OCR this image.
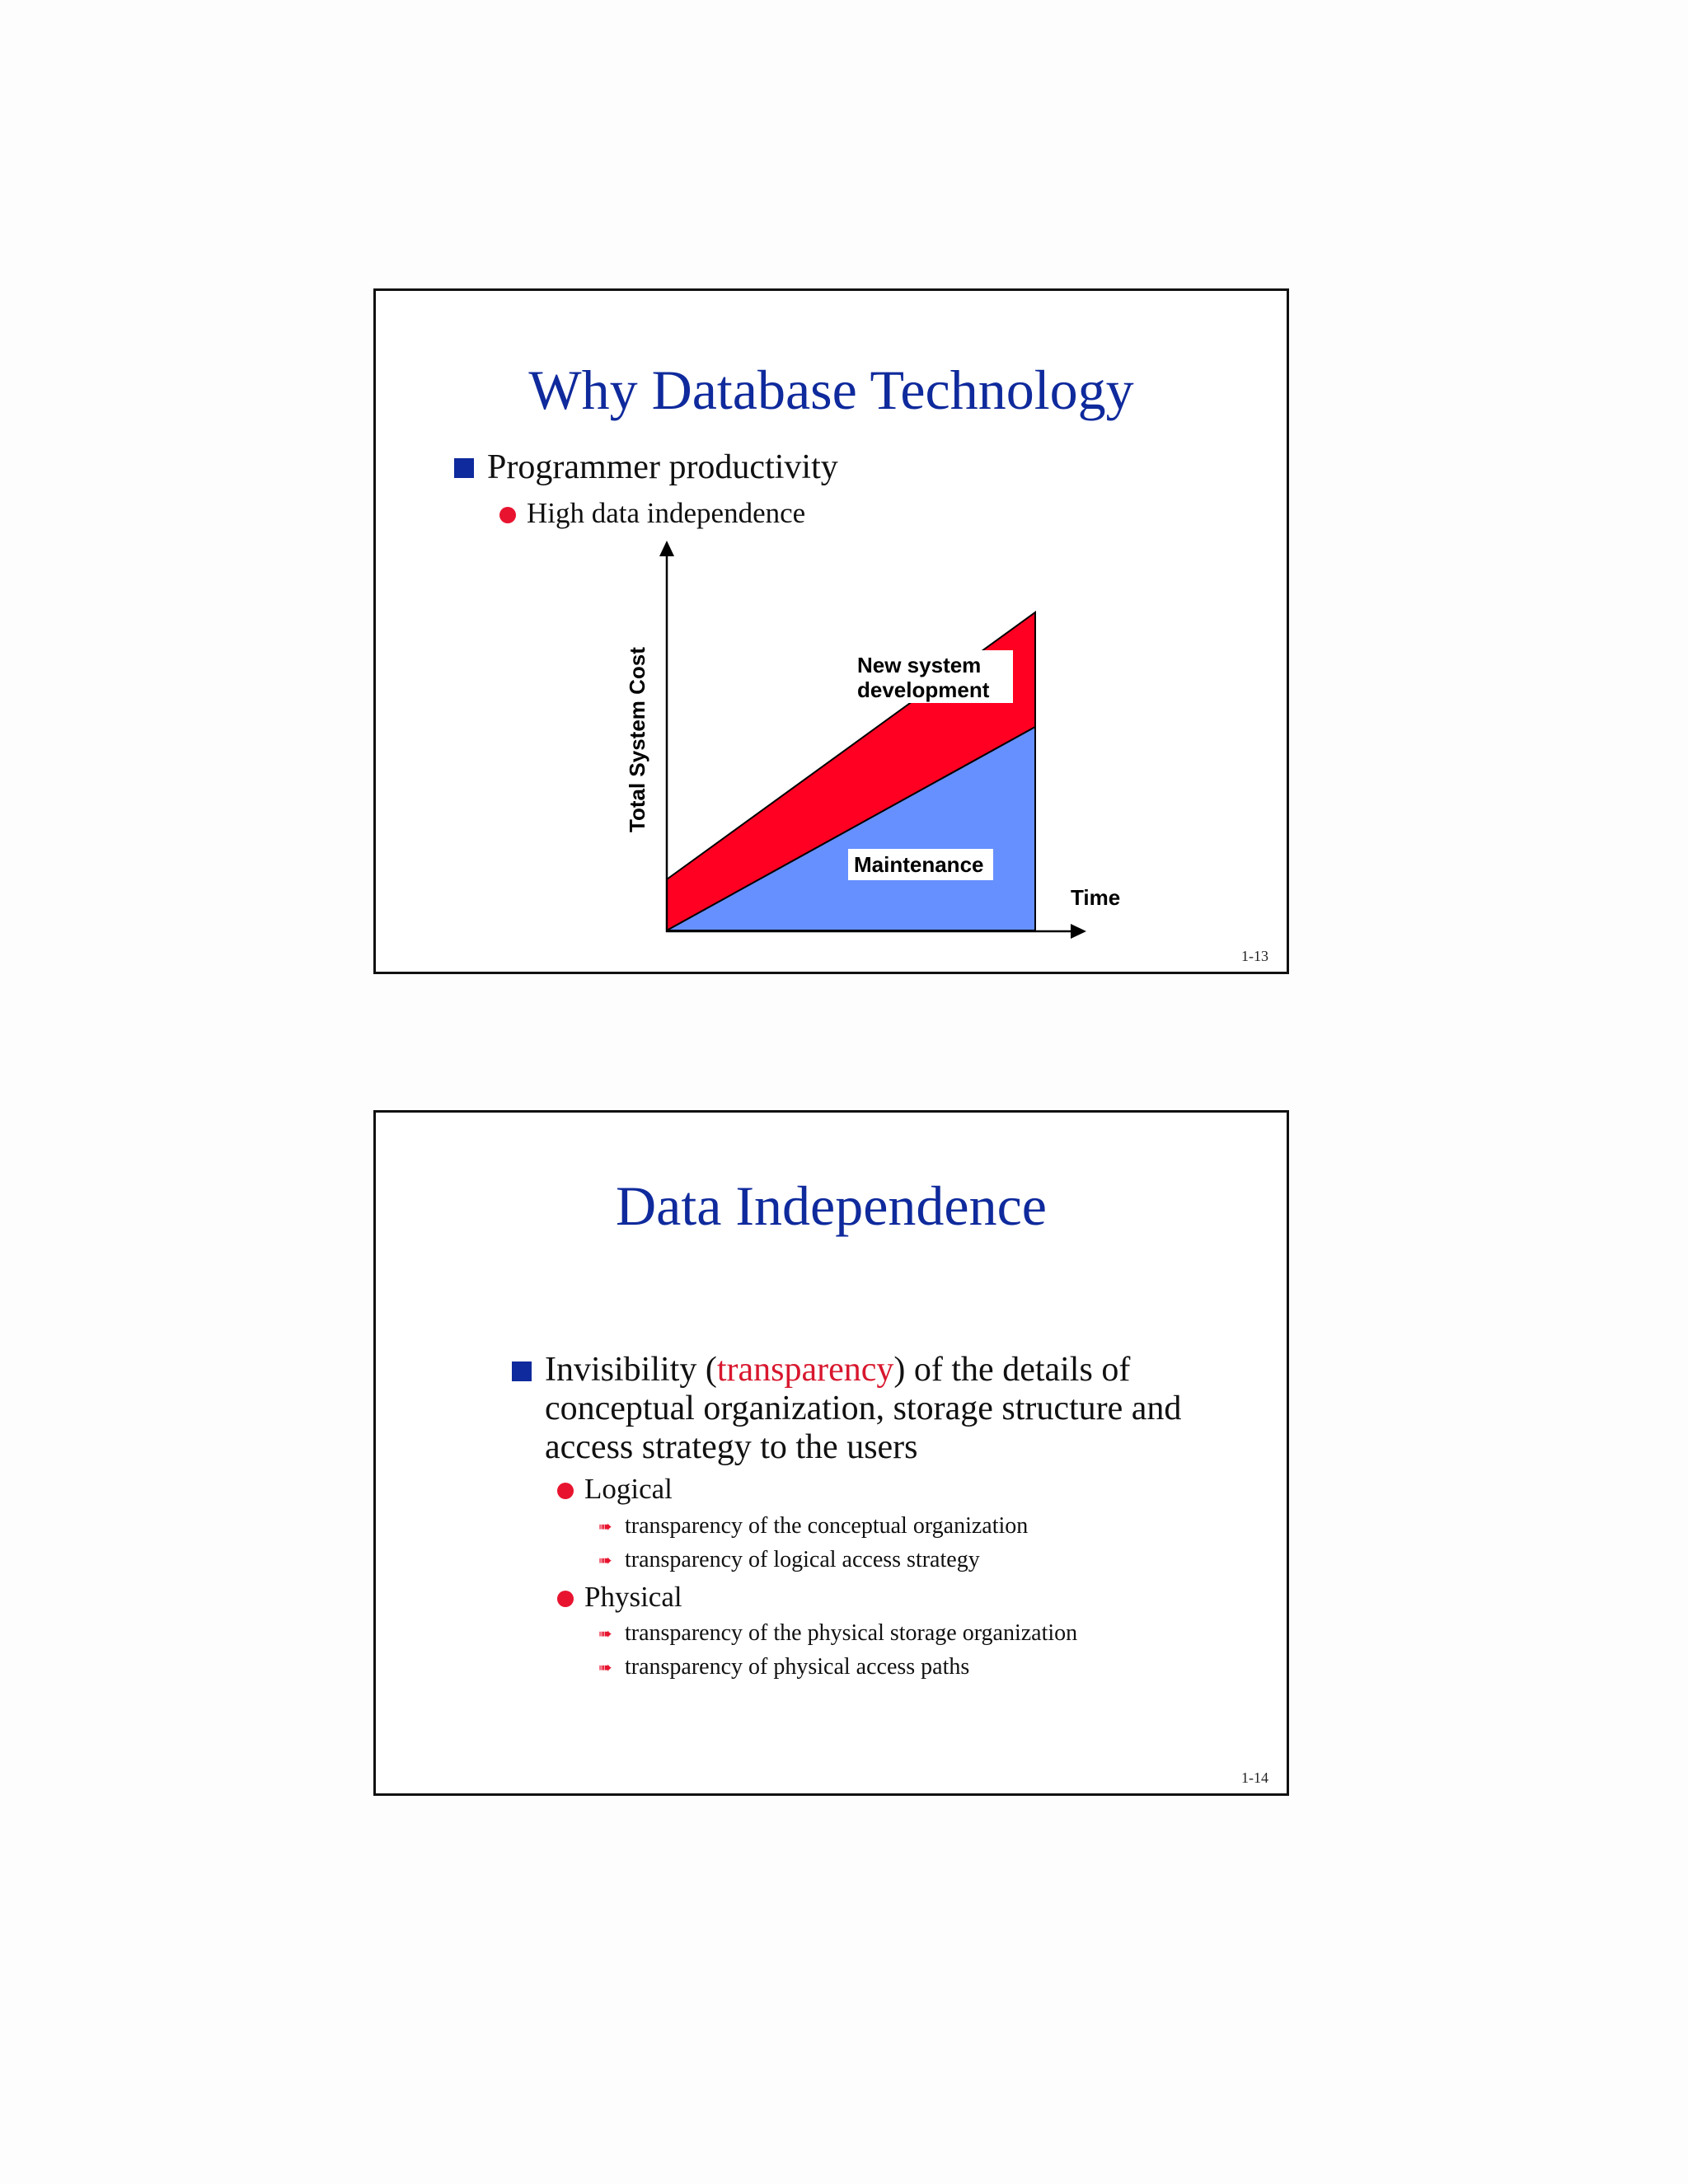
Why Database Technology
Programmer productivity
High data independence
New system
development
Maintenance
Time
Total System Cost
1-13
Data Independence
Invisibility (transparency) of the details of
conceptual organization, storage structure and
access strategy to the users
Logical
➠ transparency of the conceptual organization
➠ transparency of logical access strategy
Physical
➠ transparency of the physical storage organization
➠ transparency of physical access paths
1-14
